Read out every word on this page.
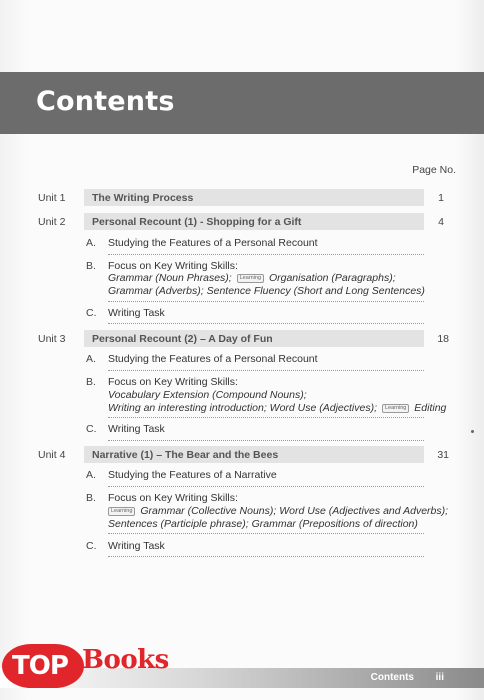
Contents
Page No.
Unit 1	The Writing Process	1
Unit 2	Personal Recount (1) - Shopping for a Gift	4
A. Studying the Features of a Personal Recount
B. Focus on Key Writing Skills:
Grammar (Noun Phrases); Learning Organisation (Paragraphs);
Grammar (Adverbs); Sentence Fluency (Short and Long Sentences)
C. Writing Task
Unit 3	Personal Recount (2) – A Day of Fun	18
A. Studying the Features of a Personal Recount
B. Focus on Key Writing Skills:
Vocabulary Extension (Compound Nouns);
Writing an interesting introduction; Word Use (Adjectives); Learning Editing
C. Writing Task
Unit 4	Narrative (1) – The Bear and the Bees	31
A. Studying the Features of a Narrative
B. Focus on Key Writing Skills:
Learning Grammar (Collective Nouns); Word Use (Adjectives and Adverbs);
Sentences (Participle phrase); Grammar (Prepositions of direction)
C. Writing Task
Contents iii
TOP Books
